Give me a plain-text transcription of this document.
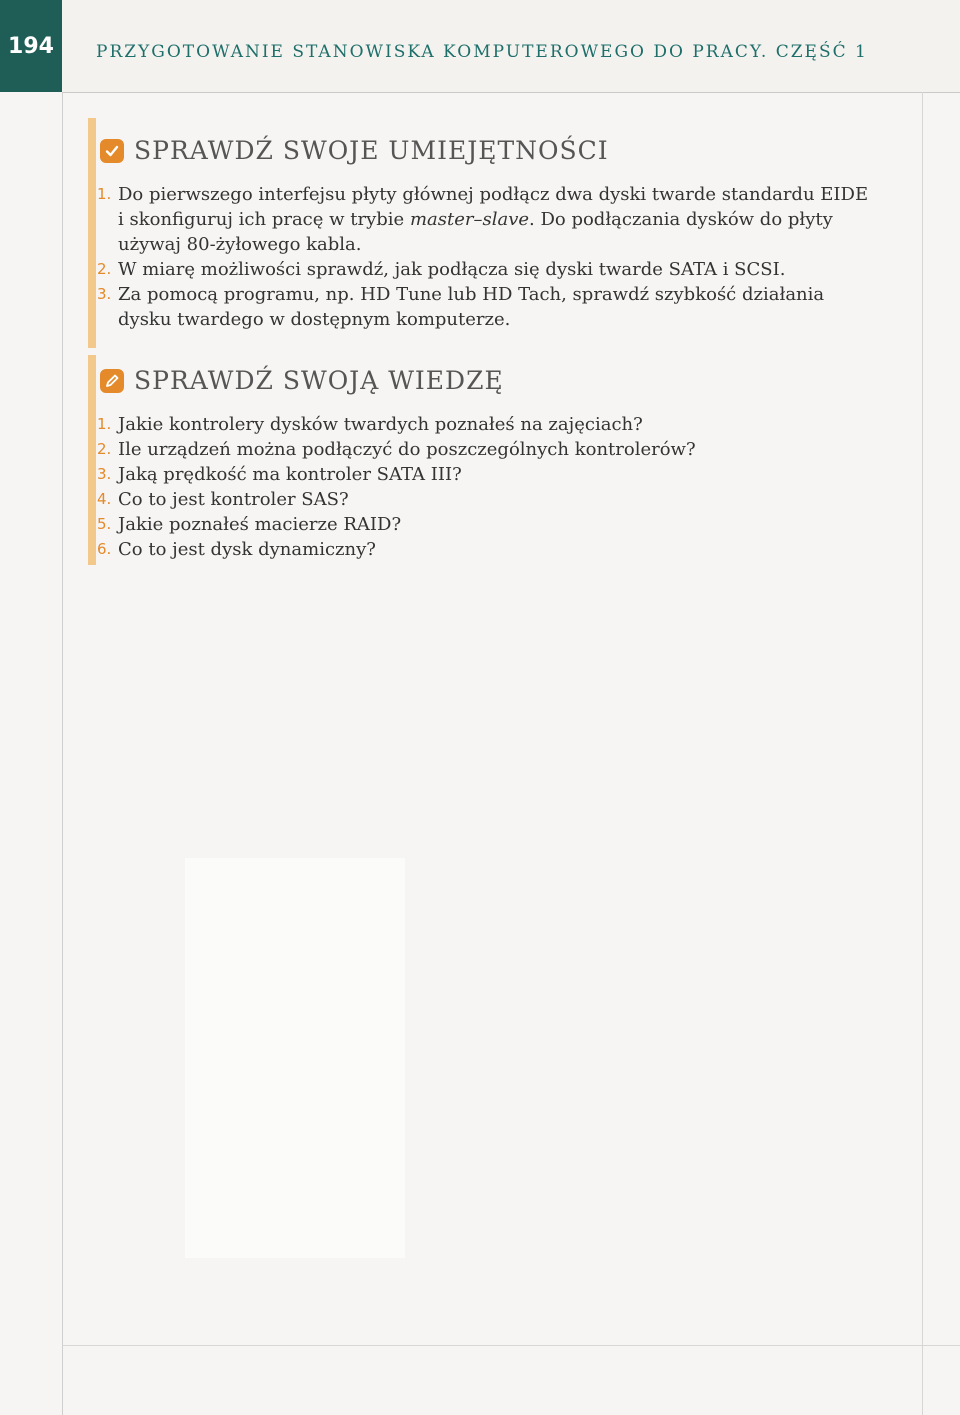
194	PRZYGOTOWANIE STANOWISKA KOMPUTEROWEGO DO PRACY. CZĘŚĆ 1
SPRAWDŹ SWOJE UMIEJĘTNOŚCI
1. Do pierwszego interfejsu płyty głównej podłącz dwa dyski twarde standardu EIDE i skonfiguruj ich pracę w trybie master–slave. Do podłączania dysków do płyty używaj 80-żyłowego kabla.
2. W miarę możliwości sprawdź, jak podłącza się dyski twarde SATA i SCSI.
3. Za pomocą programu, np. HD Tune lub HD Tach, sprawdź szybkość działania dysku twardego w dostępnym komputerze.
SPRAWDŹ SWOJĄ WIEDZĘ
1. Jakie kontrolery dysków twardych poznałeś na zajęciach?
2. Ile urządzeń można podłączyć do poszczególnych kontrolerów?
3. Jaką prędkość ma kontroler SATA III?
4. Co to jest kontroler SAS?
5. Jakie poznałeś macierze RAID?
6. Co to jest dysk dynamiczny?
